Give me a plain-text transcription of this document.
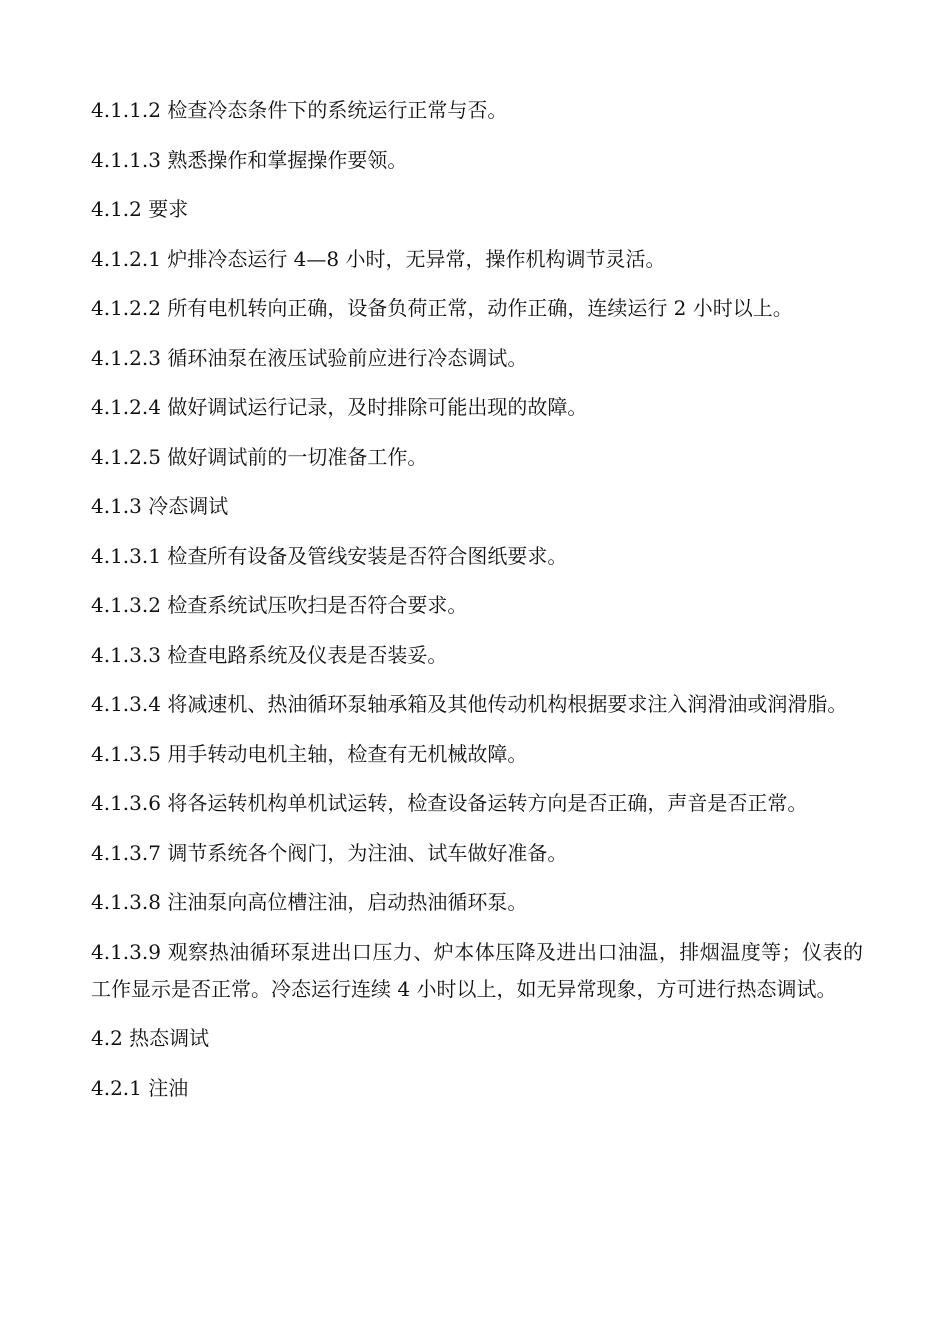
4.1.1.2 检查冷态条件下的系统运行正常与否。

4.1.1.3 熟悉操作和掌握操作要领。

4.1.2 要求

4.1.2.1 炉排冷态运行 4—8 小时，无异常，操作机构调节灵活。

4.1.2.2 所有电机转向正确，设备负荷正常，动作正确，连续运行 2 小时以上。

4.1.2.3 循环油泵在液压试验前应进行冷态调试。

4.1.2.4 做好调试运行记录，及时排除可能出现的故障。

4.1.2.5 做好调试前的一切准备工作。

4.1.3 冷态调试

4.1.3.1 检查所有设备及管线安装是否符合图纸要求。

4.1.3.2 检查系统试压吹扫是否符合要求。

4.1.3.3 检查电路系统及仪表是否装妥。

4.1.3.4 将减速机、热油循环泵轴承箱及其他传动机构根据要求注入润滑油或润滑脂。

4.1.3.5 用手转动电机主轴，检查有无机械故障。

4.1.3.6 将各运转机构单机试运转，检查设备运转方向是否正确，声音是否正常。

4.1.3.7 调节系统各个阀门，为注油、试车做好准备。

4.1.3.8 注油泵向高位槽注油，启动热油循环泵。

4.1.3.9 观察热油循环泵进出口压力、炉本体压降及进出口油温，排烟温度等；仪表的工作显示是否正常。冷态运行连续 4 小时以上，如无异常现象，方可进行热态调试。

4.2 热态调试

4.2.1 注油
